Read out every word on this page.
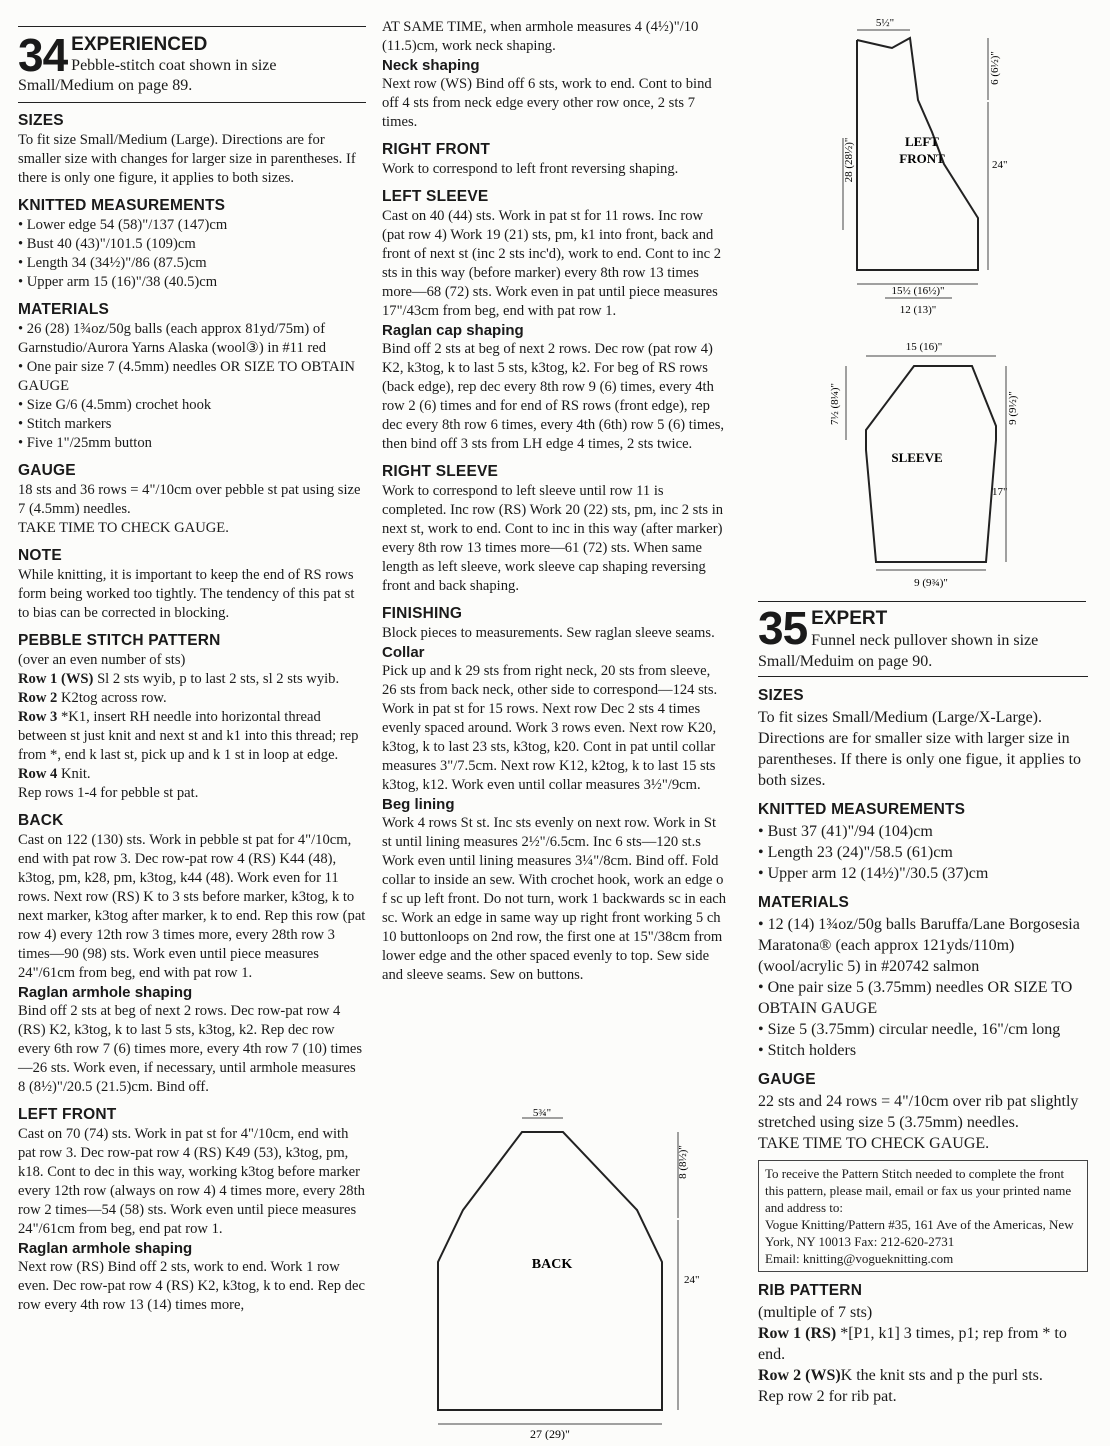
34 EXPERIENCED
Pebble-stitch coat shown in size Small/Medium on page 89.
SIZES

To fit size Small/Medium (Large). Directions are for smaller size with changes for larger size in parentheses. If there is only one figure, it applies to both sizes.

KNITTED MEASUREMENTS
• Lower edge 54 (58)"/137 (147)cm
• Bust 40 (43)"/101.5 (109)cm
• Length 34 (34½)"/86 (87.5)cm
• Upper arm 15 (16)"/38 (40.5)cm
MATERIALS
• 26 (28) 1¾oz/50g balls (each approx 81yd/75m) of Garnstudio/Aurora Yarns Alaska (wool③) in #11 red
• One pair size 7 (4.5mm) needles OR SIZE TO OBTAIN GAUGE
• Size G/6 (4.5mm) crochet hook
• Stitch markers
• Five 1"/25mm button
GAUGE

18 sts and 36 rows = 4"/10cm over pebble st pat using size 7 (4.5mm) needles.

TAKE TIME TO CHECK GAUGE.

NOTE

While knitting, it is important to keep the end of RS rows form being worked too tightly. The tendency of this pat st to bias can be corrected in blocking.

PEBBLE STITCH PATTERN

(over an even number of sts)

Row 1 (WS) Sl 2 sts wyib, p to last 2 sts, sl 2 sts wyib.

Row 2 K2tog across row.

Row 3 *K1, insert RH needle into horizontal thread between st just knit and next st and k1 into this thread; rep from *, end k last st, pick up and k 1 st in loop at edge.

Row 4 Knit.

Rep rows 1-4 for pebble st pat.

BACK

Cast on 122 (130) sts. Work in pebble st pat for 4"/10cm, end with pat row 3. Dec row-pat row 4 (RS) K44 (48), k3tog, pm, k28, pm, k3tog, k44 (48). Work even for 11 rows. Next row (RS) K to 3 sts before marker, k3tog, k to next marker, k3tog after marker, k to end. Rep this row (pat row 4) every 12th row 3 times more, every 28th row 3 times—90 (98) sts. Work even until piece measures 24"/61cm from beg, end with pat row 1.

Raglan armhole shaping

Bind off 2 sts at beg of next 2 rows. Dec row-pat row 4 (RS) K2, k3tog, k to last 5 sts, k3tog, k2. Rep dec row every 6th row 7 (6) times more, every 4th row 7 (10) times—26 sts. Work even, if necessary, until armhole measures 8 (8½)"/20.5 (21.5)cm. Bind off.

LEFT FRONT

Cast on 70 (74) sts. Work in pat st for 4"/10cm, end with pat row 3. Dec row-pat row 4 (RS) K49 (53), k3tog, pm, k18. Cont to dec in this way, working k3tog before marker every 12th row (always on row 4) 4 times more, every 28th row 2 times—54 (58) sts. Work even until piece measures 24"/61cm from beg, end pat row 1.

Raglan armhole shaping

Next row (RS) Bind off 2 sts, work to end. Work 1 row even. Dec row-pat row 4 (RS) K2, k3tog, k to end. Rep dec row every 4th row 13 (14) times more,

AT SAME TIME, when armhole measures 4 (4½)"/10 (11.5)cm, work neck shaping.

Neck shaping

Next row (WS) Bind off 6 sts, work to end. Cont to bind off 4 sts from neck edge every other row once, 2 sts 7 times.

RIGHT FRONT

Work to correspond to left front reversing shaping.

LEFT SLEEVE

Cast on 40 (44) sts. Work in pat st for 11 rows. Inc row (pat row 4) Work 19 (21) sts, pm, k1 into front, back and front of next st (inc 2 sts inc'd), work to end. Cont to inc 2 sts in this way (before marker) every 8th row 13 times more—68 (72) sts. Work even in pat until piece measures 17"/43cm from beg, end with pat row 1.

Raglan cap shaping

Bind off 2 sts at beg of next 2 rows. Dec row (pat row 4) K2, k3tog, k to last 5 sts, k3tog, k2. For beg of RS rows (back edge), rep dec every 8th row 9 (6) times, every 4th row 2 (6) times and for end of RS rows (front edge), rep dec every 8th row 6 times, every 4th (6th) row 5 (6) times, then bind off 3 sts from LH edge 4 times, 2 sts twice.

RIGHT SLEEVE

Work to correspond to left sleeve until row 11 is completed. Inc row (RS) Work 20 (22) sts, pm, inc 2 sts in next st, work to end. Cont to inc in this way (after marker) every 8th row 13 times more—61 (72) sts. When same length as left sleeve, work sleeve cap shaping reversing front and back shaping.

FINISHING

Block pieces to measurements. Sew raglan sleeve seams.

Collar

Pick up and k 29 sts from right neck, 20 sts from sleeve, 26 sts from back neck, other side to correspond—124 sts. Work in pat st for 15 rows. Next row Dec 2 sts 4 times evenly spaced around. Work 3 rows even. Next row K20, k3tog, k to last 23 sts, k3tog, k20. Cont in pat until collar measures 3"/7.5cm. Next row K12, k2tog, k to last 15 sts k3tog, k12. Work even until collar measures 3½"/9cm.

Beg lining

Work 4 rows St st. Inc sts evenly on next row. Work in St st until lining measures 2½"/6.5cm. Inc 6 sts—120 st.s Work even until lining measures 3¼"/8cm. Bind off. Fold collar to inside an sew. With crochet hook, work an edge o f sc up left front. Do not turn, work 1 backwards sc in each sc. Work an edge in same way up right front working 5 ch 10 buttonloops on 2nd row, the first one at 15"/38cm from lower edge and the other spaced evenly to top. Sew side and sleeve seams. Sew on buttons.

BACK
5¾"
8 (8½)"
24"
27 (29)"
LEFT
FRONT
5½"
6 (6½)"
24"
28 (28½)"
15½ (16½)"
12 (13)"
SLEEVE
15 (16)"
7½ (8¼)"	9 (9½)"
17"
9 (9¾)"
35 EXPERT
Funnel neck pullover shown in size Small/Meduim on page 90.
SIZES

To fit sizes Small/Medium (Large/X-Large). Directions are for smaller size with larger size in parentheses. If there is only one figue, it applies to both sizes.

KNITTED MEASUREMENTS
• Bust 37 (41)"/94 (104)cm
• Length 23 (24)"/58.5 (61)cm
• Upper arm 12 (14½)"/30.5 (37)cm
MATERIALS
• 12 (14) 1¾oz/50g balls Baruffa/Lane Borgosesia Maratona® (each approx 121yds/110m) (wool/acrylic 5) in #20742 salmon
• One pair size 5 (3.75mm) needles OR SIZE TO OBTAIN GAUGE
• Size 5 (3.75mm) circular needle, 16"/cm long
• Stitch holders
GAUGE

22 sts and 24 rows = 4"/10cm over rib pat slightly stretched using size 5 (3.75mm) needles.

TAKE TIME TO CHECK GAUGE.

To receive the Pattern Stitch needed to complete the front this pattern, please mail, email or fax us your printed name and address to:

Vogue Knitting/Pattern #35, 161 Ave of the Americas, New York, NY 10013 Fax: 212-620-2731

Email: knitting@vogueknitting.com

RIB PATTERN

(multiple of 7 sts)

Row 1 (RS) *[P1, k1] 3 times, p1; rep from * to end.

Row 2 (WS)K the knit sts and p the purl sts.

Rep row 2 for rib pat.
